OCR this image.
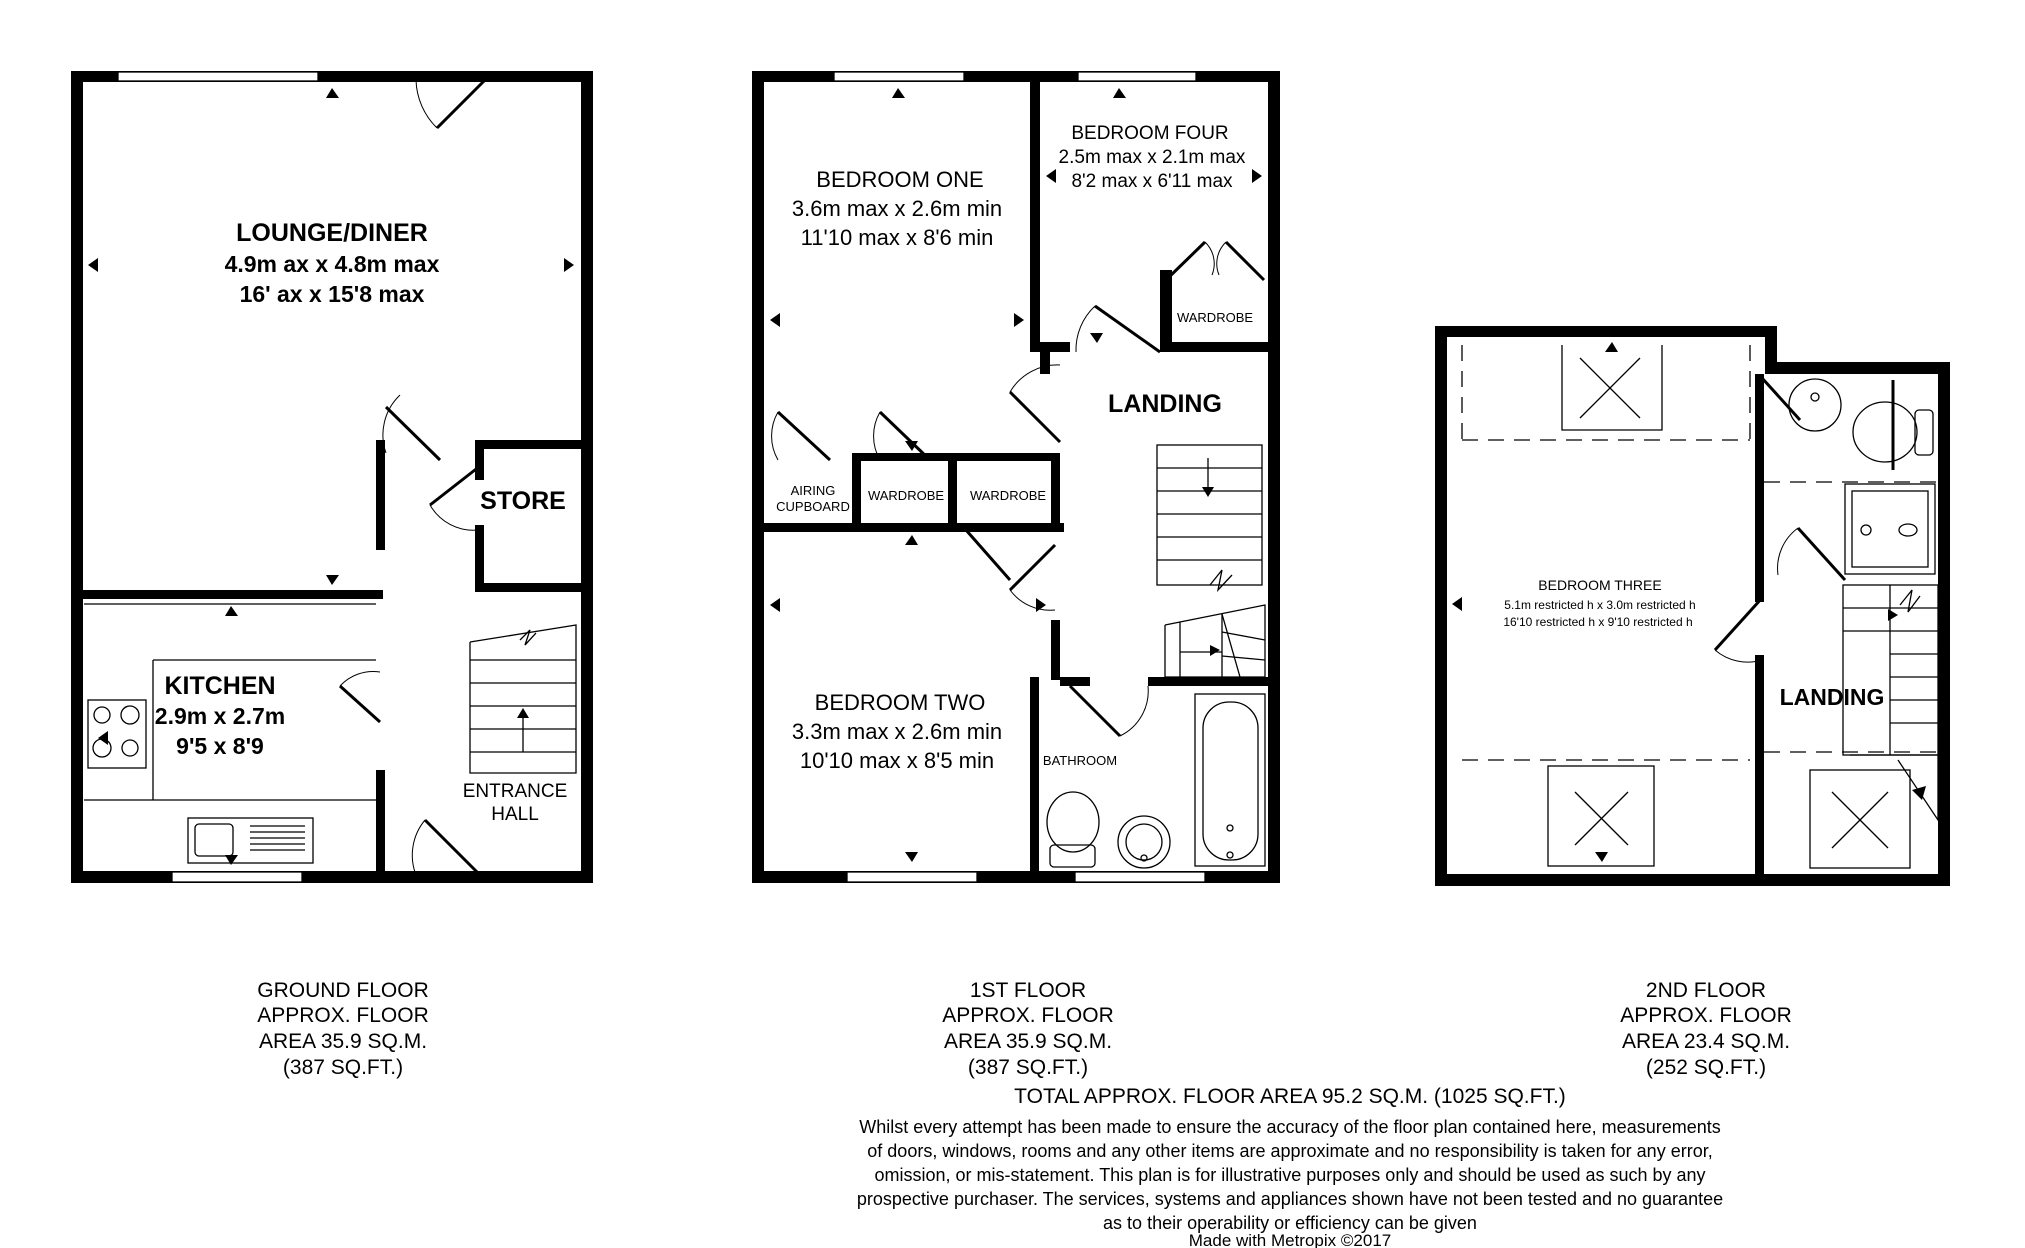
LOUNGE/DINER
4.9m ax x 4.8m max
16' ax x 15'8 max
KITCHEN
2.9m x 2.7m
9'5 x 8'9
STORE
ENTRANCE
HALL
BEDROOM ONE
3.6m max x 2.6m min
11'10 max x 8'6 min
BEDROOM FOUR
2.5m max x 2.1m max
8'2 max x 6'11 max
WARDROBE
LANDING
AIRING
CUPBOARD
WARDROBE WARDROBE
BEDROOM TWO
3.3m max x 2.6m min
10'10 max x 8'5 min	BATHROOM
BEDROOM THREE
5.1m restricted h x 3.0m restricted h
16'10 restricted h x 9'10 restricted h
LANDING
GROUND FLOOR
APPROX. FLOOR
AREA 35.9 SQ.M.
(387 SQ.FT.)
1ST FLOOR
APPROX. FLOOR
AREA 35.9 SQ.M.
(387 SQ.FT.)
2ND FLOOR
APPROX. FLOOR
AREA 23.4 SQ.M.
(252 SQ.FT.)
TOTAL APPROX. FLOOR AREA 95.2 SQ.M. (1025 SQ.FT.)
Whilst every attempt has been made to ensure the accuracy of the floor plan contained here, measurements
of doors, windows, rooms and any other items are approximate and no responsibility is taken for any error,
omission, or mis-statement. This plan is for illustrative purposes only and should be used as such by any
prospective purchaser. The services, systems and appliances shown have not been tested and no guarantee
as to their operability or efficiency can be given
Made with Metropix ©2017
